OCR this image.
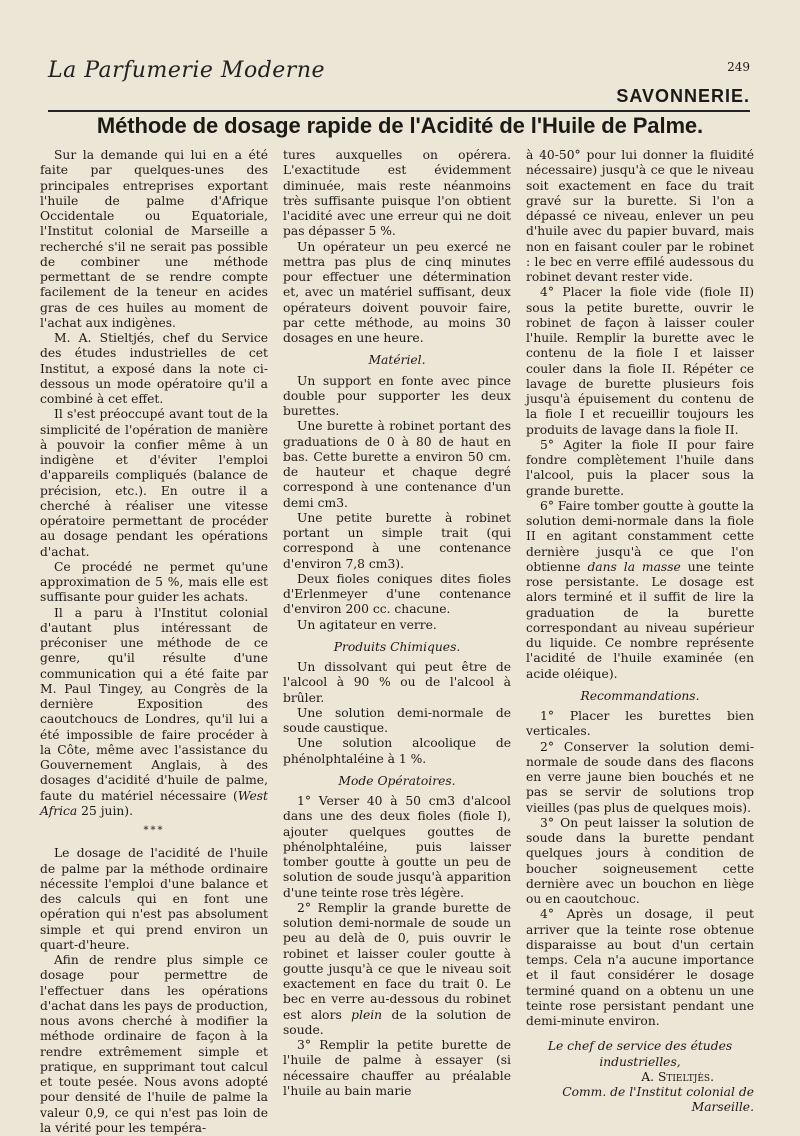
La Parfumerie Moderne	249
SAVONNERIE.
Méthode de dosage rapide de l'Acidité de l'Huile de Palme.

Sur la demande qui lui en a été faite par quelques-unes des principales entreprises exportant l'huile de palme d'Afrique Occidentale ou Equatoriale, l'Institut colonial de Marseille a recherché s'il ne serait pas possible de combiner une méthode permettant de se rendre compte facilement de la teneur en acides gras de ces huiles au moment de l'achat aux indigènes.

M. A. Stieltjés, chef du Service des études industrielles de cet Institut, a exposé dans la note ci-dessous un mode opératoire qu'il a combiné à cet effet.

Il s'est préoccupé avant tout de la simplicité de l'opération de manière à pouvoir la confier même à un indigène et d'éviter l'emploi d'appareils compliqués (balance de précision, etc.). En outre il a cherché à réaliser une vitesse opératoire permettant de procéder au dosage pendant les opérations d'achat.

Ce procédé ne permet qu'une approximation de 5 %, mais elle est suffisante pour guider les achats.

Il a paru à l'Institut colonial d'autant plus intéressant de préconiser une méthode de ce genre, qu'il résulte d'une communication qui a été faite par M. Paul Tingey, au Congrès de la dernière Exposition des caoutchoucs de Londres, qu'il lui a été impossible de faire procéder à la Côte, même avec l'assistance du Gouvernement Anglais, à des dosages d'acidité d'huile de palme, faute du matériel nécessaire (West Africa 25 juin).

***

Le dosage de l'acidité de l'huile de palme par la méthode ordinaire nécessite l'emploi d'une balance et des calculs qui en font une opération qui n'est pas absolument simple et qui prend environ un quart-d'heure.

Afin de rendre plus simple ce dosage pour permettre de l'effectuer dans les opérations d'achat dans les pays de production, nous avons cherché à modifier la méthode ordinaire de façon à la rendre extrêmement simple et pratique, en supprimant tout calcul et toute pesée. Nous avons adopté pour densité de l'huile de palme la valeur 0,9, ce qui n'est pas loin de la vérité pour les tempéra-

tures auxquelles on opérera. L'exactitude est évidemment diminuée, mais reste néanmoins très suffisante puisque l'on obtient l'acidité avec une erreur qui ne doit pas dépasser 5 %.

Un opérateur un peu exercé ne mettra pas plus de cinq minutes pour effectuer une détermination et, avec un matériel suffisant, deux opérateurs doivent pouvoir faire, par cette méthode, au moins 30 dosages en une heure.

Matériel.

Un support en fonte avec pince double pour supporter les deux burettes.

Une burette à robinet portant des graduations de 0 à 80 de haut en bas. Cette burette a environ 50 cm. de hauteur et chaque degré correspond à une contenance d'un demi cm3.

Une petite burette à robinet portant un simple trait (qui correspond à une contenance d'environ 7,8 cm3).

Deux fioles coniques dites fioles d'Erlenmeyer d'une contenance d'environ 200 cc. chacune.

Un agitateur en verre.

Produits Chimiques.

Un dissolvant qui peut être de l'alcool à 90 % ou de l'alcool à brûler.

Une solution demi-normale de soude caustique.

Une solution alcoolique de phénolphtaléine à 1 %.

Mode Opératoires.

1° Verser 40 à 50 cm3 d'alcool dans une des deux fioles (fiole I), ajouter quelques gouttes de phénolphtaléine, puis laisser tomber goutte à goutte un peu de solution de soude jusqu'à apparition d'une teinte rose très légère.

2° Remplir la grande burette de solution demi-normale de soude un peu au delà de 0, puis ouvrir le robinet et laisser couler goutte à goutte jusqu'à ce que le niveau soit exactement en face du trait 0. Le bec en verre au-dessous du robinet est alors plein de la solution de soude.

3° Remplir la petite burette de l'huile de palme à essayer (si nécessaire chauffer au préalable l'huile au bain marie

à 40-50° pour lui donner la fluidité nécessaire) jusqu'à ce que le niveau soit exactement en face du trait gravé sur la burette. Si l'on a dépassé ce niveau, enlever un peu d'huile avec du papier buvard, mais non en faisant couler par le robinet : le bec en verre effilé audessous du robinet devant rester vide.

4° Placer la fiole vide (fiole II) sous la petite burette, ouvrir le robinet de façon à laisser couler l'huile. Remplir la burette avec le contenu de la fiole I et laisser couler dans la fiole II. Répéter ce lavage de burette plusieurs fois jusqu'à épuisement du contenu de la fiole I et recueillir toujours les produits de lavage dans la fiole II.

5° Agiter la fiole II pour faire fondre complètement l'huile dans l'alcool, puis la placer sous la grande burette.

6° Faire tomber goutte à goutte la solution demi-normale dans la fiole II en agitant constamment cette dernière jusqu'à ce que l'on obtienne dans la masse une teinte rose persistante. Le dosage est alors terminé et il suffit de lire la graduation de la burette correspondant au niveau supérieur du liquide. Ce nombre représente l'acidité de l'huile examinée (en acide oléique).

Recommandations.

1° Placer les burettes bien verticales.

2° Conserver la solution demi-normale de soude dans des flacons en verre jaune bien bouchés et ne pas se servir de solutions trop vieilles (pas plus de quelques mois).

3° On peut laisser la solution de soude dans la burette pendant quelques jours à condition de boucher soigneusement cette dernière avec un bouchon en liège ou en caoutchouc.

4° Après un dosage, il peut arriver que la teinte rose obtenue disparaisse au bout d'un certain temps. Cela n'a aucune importance et il faut considérer le dosage terminé quand on a obtenu un une teinte rose persistant pendant une demi-minute environ.

Le chef de service des études industrielles,
A. Stieltjès.
Comm. de l'Institut colonial de Marseille.
